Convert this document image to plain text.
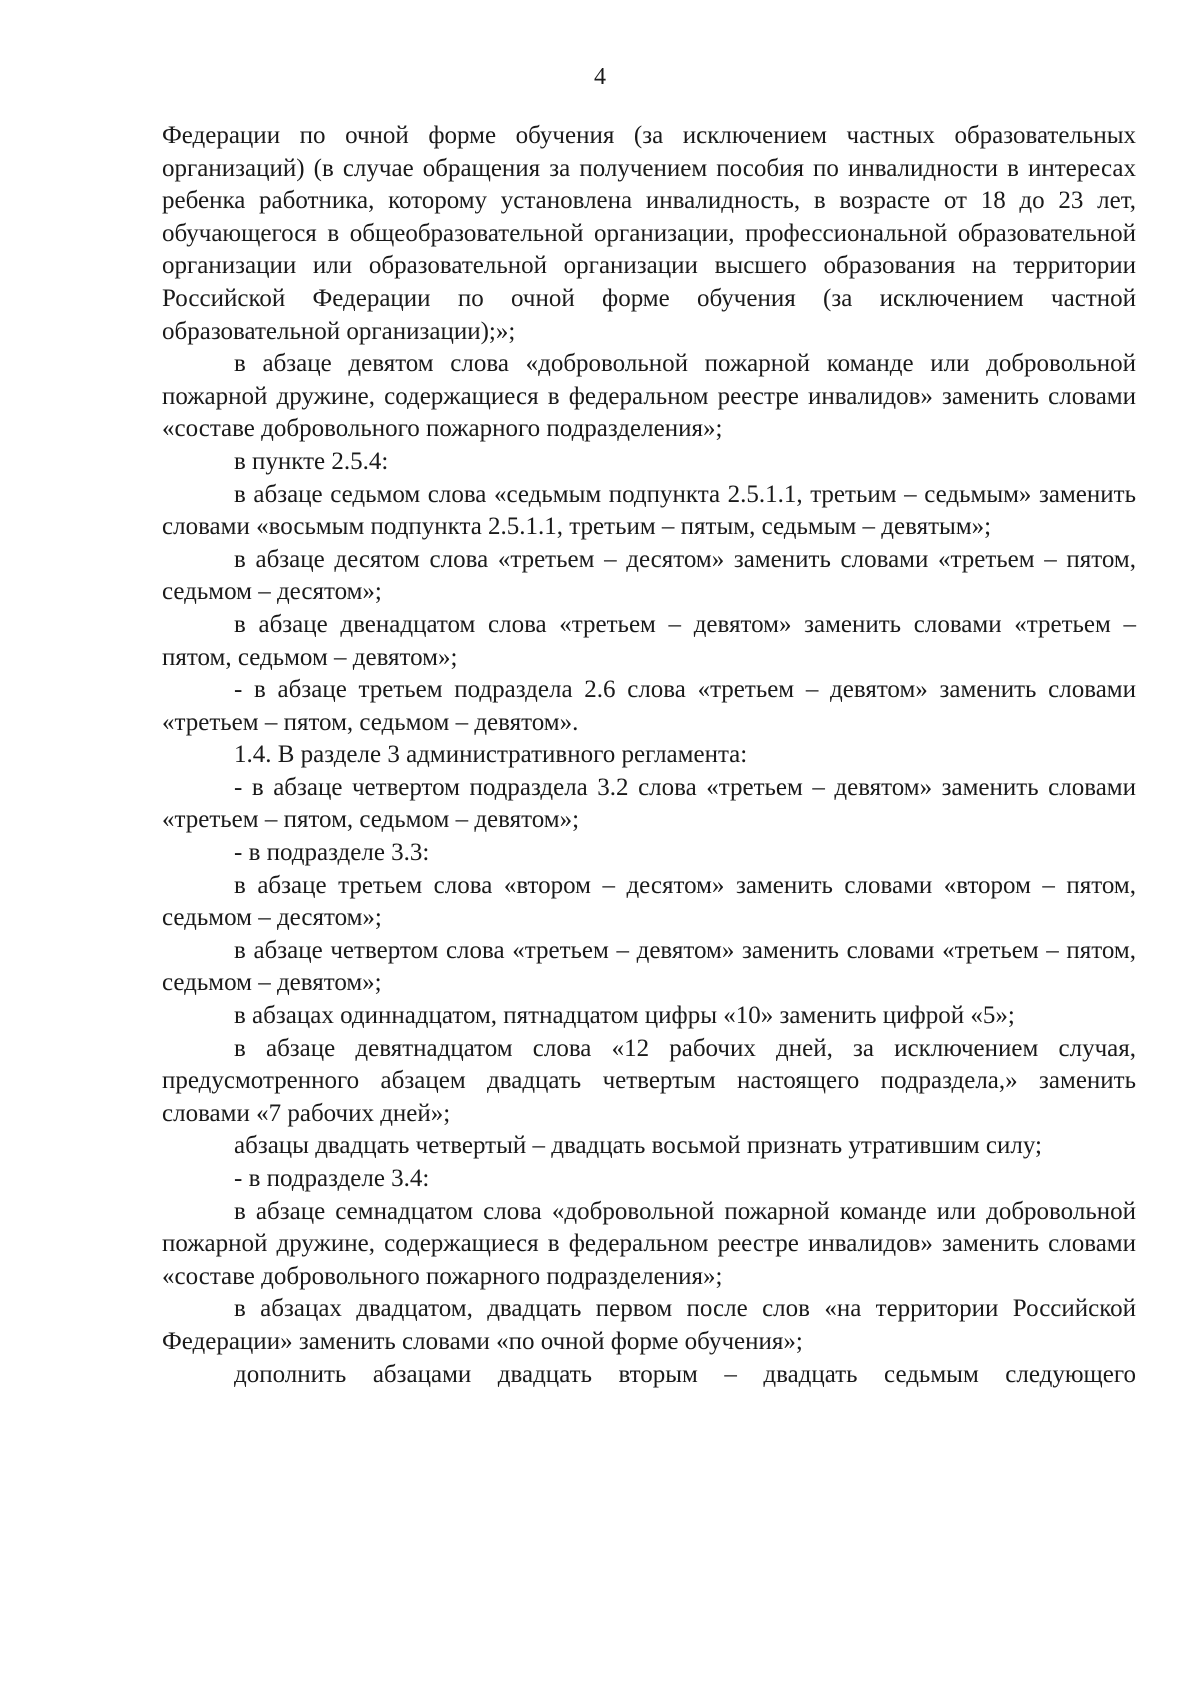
4

Федерации по очной форме обучения (за исключением частных образовательных организаций) (в случае обращения за получением пособия по инвалидности в интересах ребенка работника, которому установлена инвалидность, в возрасте от 18 до 23 лет, обучающегося в общеобразовательной организации, профессиональной образовательной организации или образовательной организации высшего образования на территории Российской Федерации по очной форме обучения (за исключением частной образовательной организации);»;

в абзаце девятом слова «добровольной пожарной команде или добровольной пожарной дружине, содержащиеся в федеральном реестре инвалидов» заменить словами «составе добровольного пожарного подразделения»;

в пункте 2.5.4:

в абзаце седьмом слова «седьмым подпункта 2.5.1.1, третьим – седьмым» заменить словами «восьмым подпункта 2.5.1.1, третьим – пятым, седьмым – девятым»;

в абзаце десятом слова «третьем – десятом» заменить словами «третьем – пятом, седьмом – десятом»;

в абзаце двенадцатом слова «третьем – девятом» заменить словами «третьем – пятом, седьмом – девятом»;

- в абзаце третьем подраздела 2.6 слова «третьем – девятом» заменить словами «третьем – пятом, седьмом – девятом».

1.4. В разделе 3 административного регламента:

- в абзаце четвертом подраздела 3.2 слова «третьем – девятом» заменить словами «третьем – пятом, седьмом – девятом»;

- в подразделе 3.3:

в абзаце третьем слова «втором – десятом» заменить словами «втором – пятом, седьмом – десятом»;

в абзаце четвертом слова «третьем – девятом» заменить словами «третьем – пятом, седьмом – девятом»;

в абзацах одиннадцатом, пятнадцатом цифры «10» заменить цифрой «5»;

в абзаце девятнадцатом слова «12 рабочих дней, за исключением случая, предусмотренного абзацем двадцать четвертым настоящего подраздела,» заменить словами «7 рабочих дней»;

абзацы двадцать четвертый – двадцать восьмой признать утратившим силу;

- в подразделе 3.4:

в абзаце семнадцатом слова «добровольной пожарной команде или добровольной пожарной дружине, содержащиеся в федеральном реестре инвалидов» заменить словами «составе добровольного пожарного подразделения»;

в абзацах двадцатом, двадцать первом после слов «на территории Российской Федерации» заменить словами «по очной форме обучения»;

дополнить абзацами двадцать вторым – двадцать седьмым следующего
